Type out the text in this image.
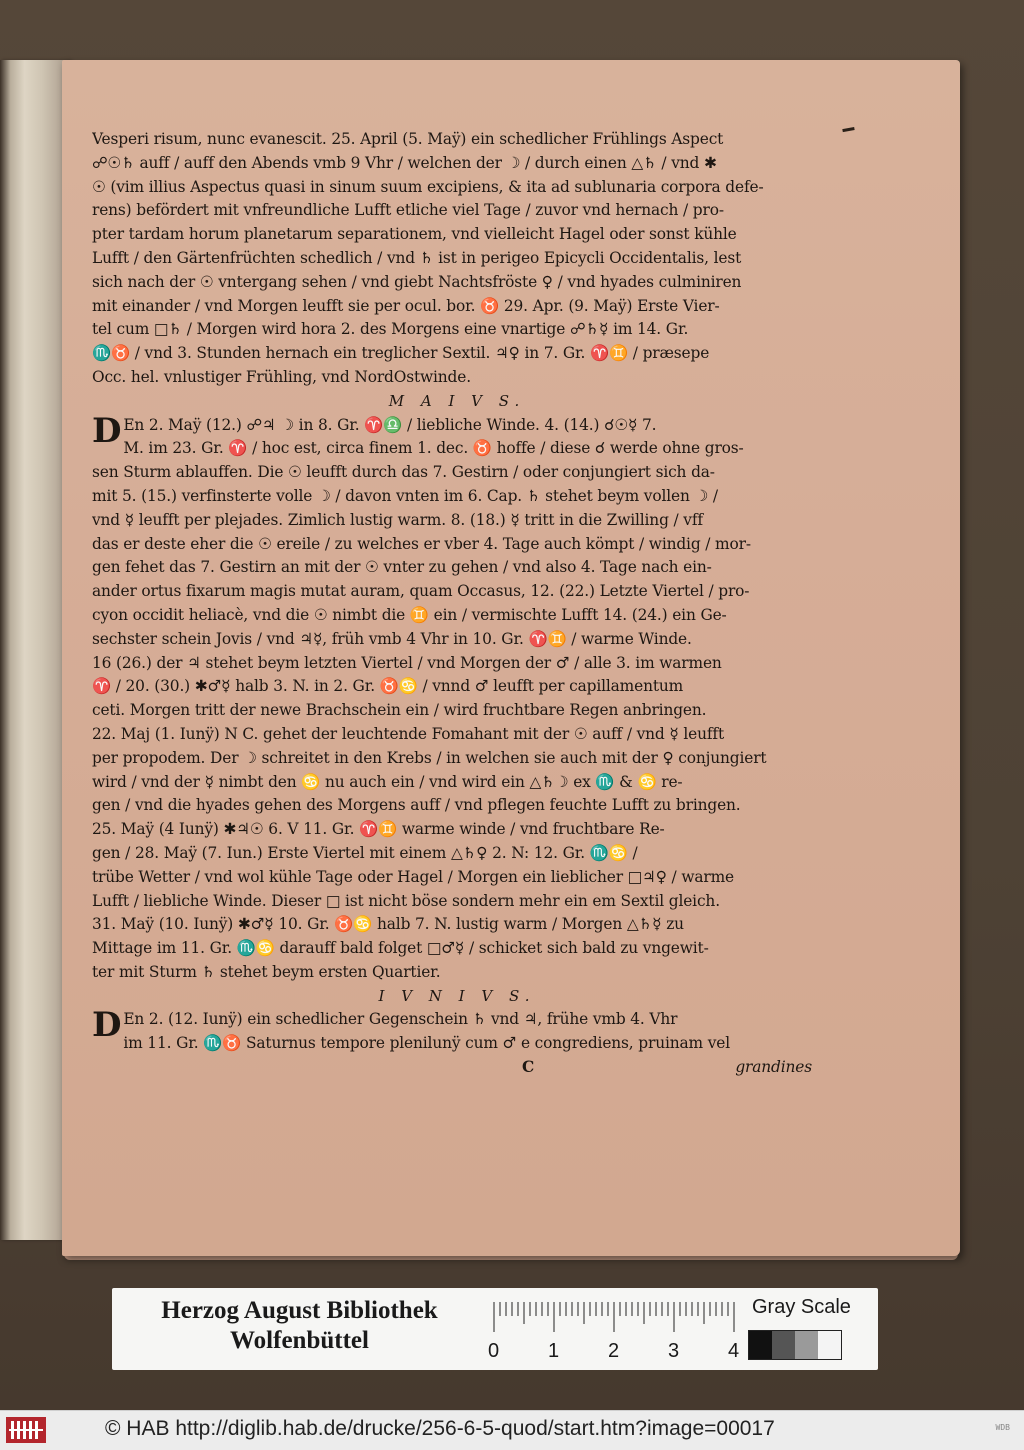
Vesperi risum, nunc evanescit. 25. April (5. Maÿ) ein schedlicher Frühlings Aspect
☍☉♄ auff / auff den Abends vmb 9 Vhr / welchen der ☽ / durch einen △♄ / vnd ✱
☉ (vim illius Aspectus quasi in sinum suum excipiens, & ita ad sublunaria corpora defe-
rens) befördert mit vnfreundliche Lufft etliche viel Tage / zuvor vnd hernach / pro-
pter tardam horum planetarum separationem, vnd vielleicht Hagel oder sonst kühle
Lufft / den Gärtenfrüchten schedlich / vnd ♄ ist in perigeo Epicycli Occidentalis, lest
sich nach der ☉ vntergang sehen / vnd giebt Nachtsfröste ♀ / vnd hyades culminiren
mit einander / vnd Morgen leufft sie per ocul. bor. ♉ 29. Apr. (9. Maÿ) Erste Vier-
tel cum □♄ / Morgen wird hora 2. des Morgens eine vnartige ☍♄☿ im 14. Gr.
♏♉ / vnd 3. Stunden hernach ein treglicher Sextil. ♃♀ in 7. Gr. ♈♊ / præsepe
Occ. hel. vnlustiger Frühling, vnd NordOstwinde.
M A I V S.
D En 2. Maÿ (12.) ☍♃ ☽ in 8. Gr. ♈♎ / liebliche Winde. 4. (14.) ☌☉☿ 7.
M. im 23. Gr. ♈ / hoc est, circa finem 1. dec. ♉ hoffe / diese ☌ werde ohne gros-
sen Sturm ablauffen. Die ☉ leufft durch das 7. Gestirn / oder conjungiert sich da-
mit 5. (15.) verfinsterte volle ☽ / davon vnten im 6. Cap. ♄ stehet beym vollen ☽ /
vnd ☿ leufft per plejades. Zimlich lustig warm. 8. (18.) ☿ tritt in die Zwilling / vff
das er deste eher die ☉ ereile / zu welches er vber 4. Tage auch kömpt / windig / mor-
gen fehet das 7. Gestirn an mit der ☉ vnter zu gehen / vnd also 4. Tage nach ein-
ander ortus fixarum magis mutat auram, quam Occasus, 12. (22.) Letzte Viertel / pro-
cyon occidit heliacè, vnd die ☉ nimbt die ♊ ein / vermischte Lufft 14. (24.) ein Ge-
sechster schein Jovis / vnd ♃☿, früh vmb 4 Vhr in 10. Gr. ♈♊ / warme Winde.
16 (26.) der ♃ stehet beym letzten Viertel / vnd Morgen der ♂ / alle 3. im warmen
♈ / 20. (30.) ✱♂☿ halb 3. N. in 2. Gr. ♉♋ / vnnd ♂ leufft per capillamentum
ceti. Morgen tritt der newe Brachschein ein / wird fruchtbare Regen anbringen.
22. Maj (1. Iunÿ) N C. gehet der leuchtende Fomahant mit der ☉ auff / vnd ☿ leufft
per propodem. Der ☽ schreitet in den Krebs / in welchen sie auch mit der ♀ conjungiert
wird / vnd der ☿ nimbt den ♋ nu auch ein / vnd wird ein △♄☽ ex ♏ & ♋ re-
gen / vnd die hyades gehen des Morgens auff / vnd pflegen feuchte Lufft zu bringen.
25. Maÿ (4 Iunÿ) ✱♃☉ 6. V 11. Gr. ♈♊ warme winde / vnd fruchtbare Re-
gen / 28. Maÿ (7. Iun.) Erste Viertel mit einem △♄♀ 2. N: 12. Gr. ♏♋ /
trübe Wetter / vnd wol kühle Tage oder Hagel / Morgen ein lieblicher □♃♀ / warme
Lufft / liebliche Winde. Dieser □ ist nicht böse sondern mehr ein em Sextil gleich.
31. Maÿ (10. Iunÿ) ✱♂☿ 10. Gr. ♉♋ halb 7. N. lustig warm / Morgen △♄☿ zu
Mittage im 11. Gr. ♏♋ darauff bald folget □♂☿ / schicket sich bald zu vngewit-
ter mit Sturm ♄ stehet beym ersten Quartier.
I V N I V S.
D En 2. (12. Iunÿ) ein schedlicher Gegenschein ♄ vnd ♃, frühe vmb 4. Vhr
im 11. Gr. ♏♉ Saturnus tempore plenilunÿ cum ♂ e congrediens, pruinam vel
C	grandines
Herzog August Bibliothek
Wolfenbüttel	0 1 2 3 4
Gray Scale
© HAB http://diglib.hab.de/drucke/256-6-5-quod/start.htm?image=00017	WDB
